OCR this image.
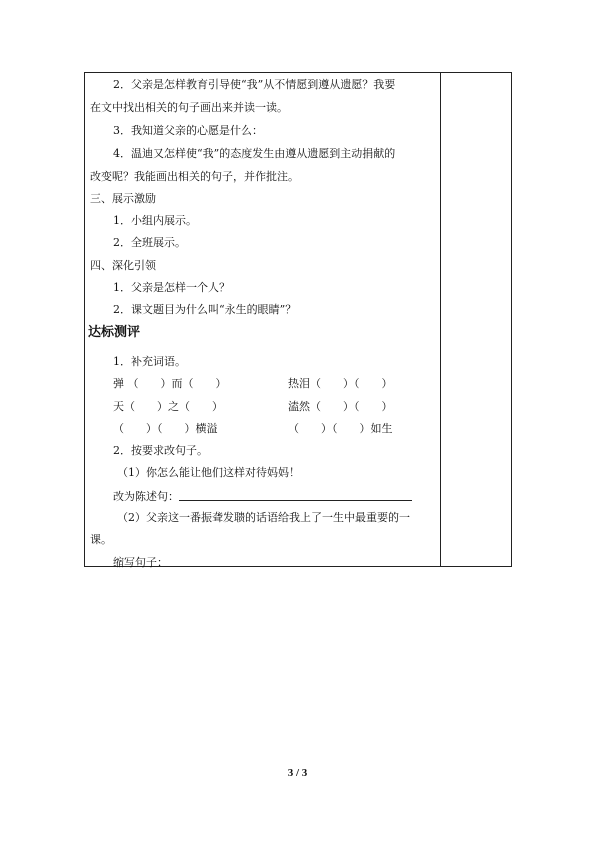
2．父亲是怎样教育引导使“我”从不情愿到遵从遗愿？我要
在文中找出相关的句子画出来并读一读。
3．我知道父亲的心愿是什么：
4．温迪又怎样使“我”的态度发生由遵从遗愿到主动捐献的
改变呢？我能画出相关的句子，并作批注。
三、展示激励
1．小组内展示。
2．全班展示。
四、深化引领
1．父亲是怎样一个人？
2．课文题目为什么叫“永生的眼睛”？
达标测评
1．补充词语。
弹 （　　）而（　　）	热泪（　　）（　　）
天（　　）之（　　）	溘然（　　）（　　）
（　　）（　　）横溢	（　　）（　　）如生
2．按要求改句子。
（1）你怎么能让他们这样对待妈妈！
改为陈述句：
（2）父亲这一番振聋发聩的话语给我上了一生中最重要的一
课。
缩写句子：
3 / 3
